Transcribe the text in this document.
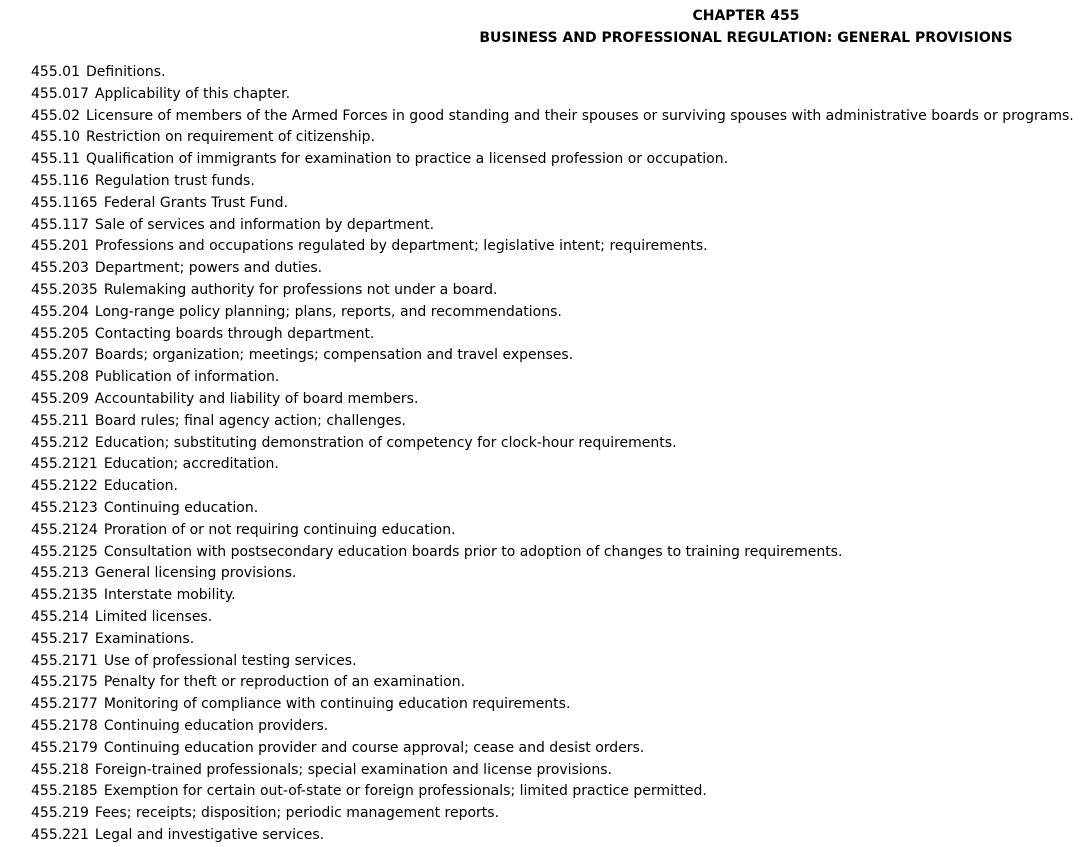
CHAPTER 455
BUSINESS AND PROFESSIONAL REGULATION: GENERAL PROVISIONS
455.01 Definitions.
455.017 Applicability of this chapter.
455.02 Licensure of members of the Armed Forces in good standing and their spouses or surviving spouses with administrative boards or programs.
455.10 Restriction on requirement of citizenship.
455.11 Qualification of immigrants for examination to practice a licensed profession or occupation.
455.116 Regulation trust funds.
455.1165 Federal Grants Trust Fund.
455.117 Sale of services and information by department.
455.201 Professions and occupations regulated by department; legislative intent; requirements.
455.203 Department; powers and duties.
455.2035 Rulemaking authority for professions not under a board.
455.204 Long-range policy planning; plans, reports, and recommendations.
455.205 Contacting boards through department.
455.207 Boards; organization; meetings; compensation and travel expenses.
455.208 Publication of information.
455.209 Accountability and liability of board members.
455.211 Board rules; final agency action; challenges.
455.212 Education; substituting demonstration of competency for clock-hour requirements.
455.2121 Education; accreditation.
455.2122 Education.
455.2123 Continuing education.
455.2124 Proration of or not requiring continuing education.
455.2125 Consultation with postsecondary education boards prior to adoption of changes to training requirements.
455.213 General licensing provisions.
455.2135 Interstate mobility.
455.214 Limited licenses.
455.217 Examinations.
455.2171 Use of professional testing services.
455.2175 Penalty for theft or reproduction of an examination.
455.2177 Monitoring of compliance with continuing education requirements.
455.2178 Continuing education providers.
455.2179 Continuing education provider and course approval; cease and desist orders.
455.218 Foreign-trained professionals; special examination and license provisions.
455.2185 Exemption for certain out-of-state or foreign professionals; limited practice permitted.
455.219 Fees; receipts; disposition; periodic management reports.
455.221 Legal and investigative services.
